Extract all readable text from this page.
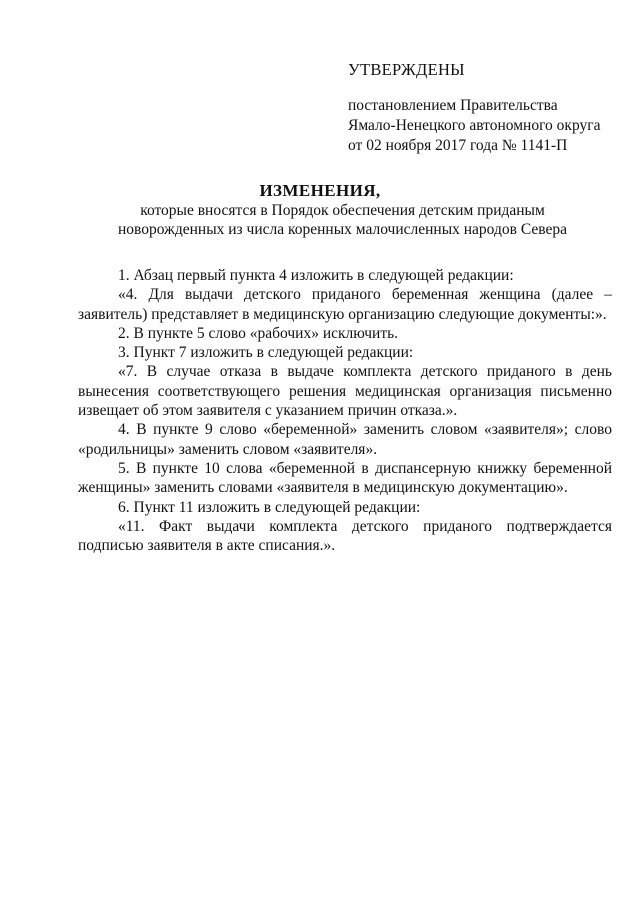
УТВЕРЖДЕНЫ
постановлением Правительства
Ямало-Ненецкого автономного округа
от 02 ноября 2017 года № 1141-П
ИЗМЕНЕНИЯ,
которые вносятся в Порядок обеспечения детским приданым
новорожденных из числа коренных малочисленных народов Севера

1. Абзац первый пункта 4 изложить в следующей редакции:

«4. Для выдачи детского приданого беременная женщина (далее – заявитель) представляет в медицинскую организацию следующие документы:».

2. В пункте 5 слово «рабочих» исключить.

3. Пункт 7 изложить в следующей редакции:

«7. В случае отказа в выдаче комплекта детского приданого в день вынесения соответствующего решения медицинская организация письменно извещает об этом заявителя с указанием причин отказа.».

4. В пункте 9 слово «беременной» заменить словом «заявителя»; слово «родильницы» заменить словом «заявителя».

5. В пункте 10 слова «беременной в диспансерную книжку беременной женщины» заменить словами «заявителя в медицинскую документацию».

6. Пункт 11 изложить в следующей редакции:

«11. Факт выдачи комплекта детского приданого подтверждается подписью заявителя в акте списания.».
